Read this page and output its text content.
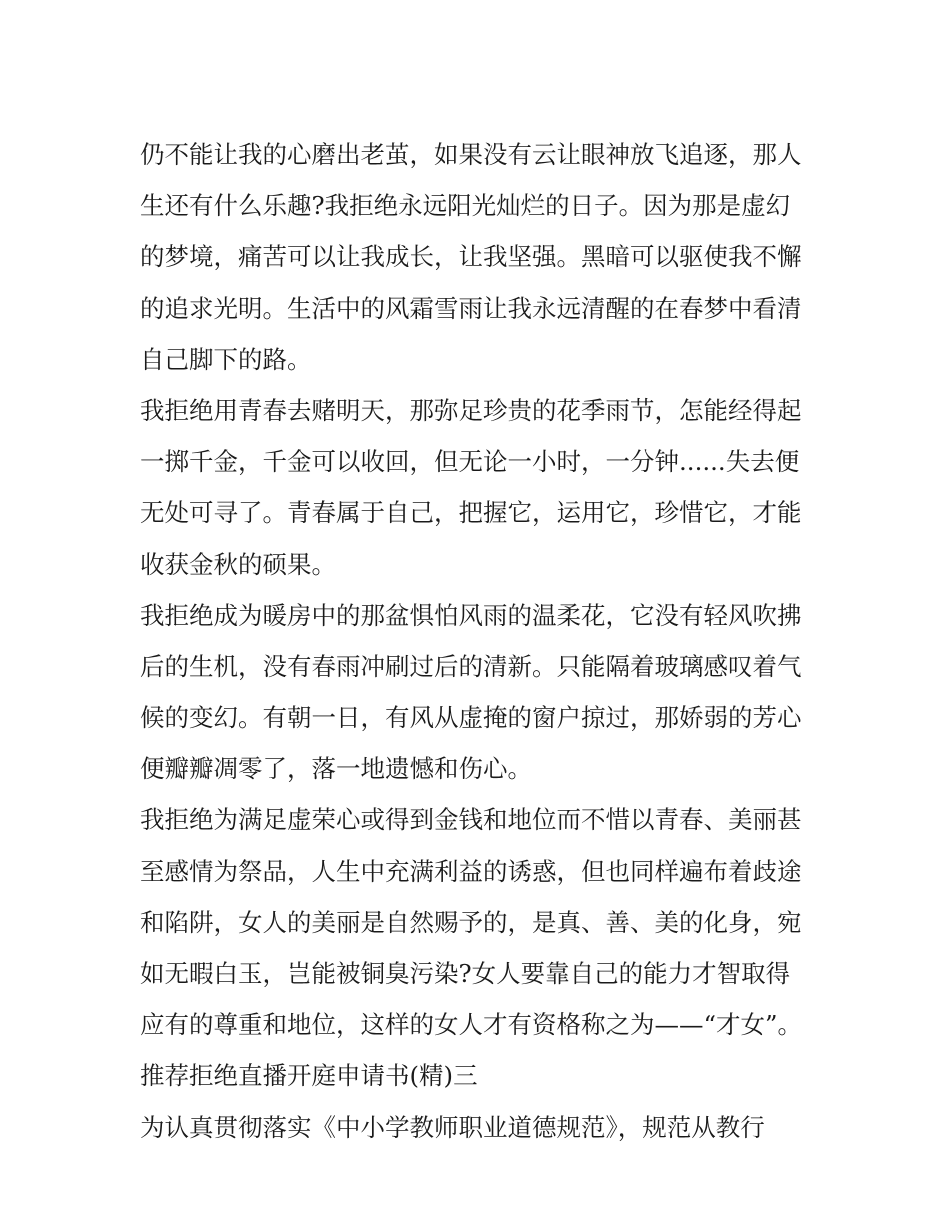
仍不能让我的心磨出老茧，如果没有云让眼神放飞追逐，那人
生还有什么乐趣?我拒绝永远阳光灿烂的日子。因为那是虚幻
的梦境，痛苦可以让我成长，让我坚强。黑暗可以驱使我不懈
的追求光明。生活中的风霜雪雨让我永远清醒的在春梦中看清
自己脚下的路。
我拒绝用青春去赌明天，那弥足珍贵的花季雨节，怎能经得起
一掷千金，千金可以收回，但无论一小时，一分钟......失去便
无处可寻了。青春属于自己，把握它，运用它，珍惜它，才能
收获金秋的硕果。
我拒绝成为暖房中的那盆惧怕风雨的温柔花，它没有轻风吹拂
后的生机，没有春雨冲刷过后的清新。只能隔着玻璃感叹着气
候的变幻。有朝一日，有风从虚掩的窗户掠过，那娇弱的芳心
便瓣瓣凋零了，落一地遗憾和伤心。
我拒绝为满足虚荣心或得到金钱和地位而不惜以青春、美丽甚
至感情为祭品，人生中充满利益的诱惑，但也同样遍布着歧途
和陷阱，女人的美丽是自然赐予的，是真、善、美的化身，宛
如无暇白玉，岂能被铜臭污染?女人要靠自己的能力才智取得
应有的尊重和地位，这样的女人才有资格称之为——“才女”。
推荐拒绝直播开庭申请书(精)三
为认真贯彻落实《中小学教师职业道德规范》，规范从教行
